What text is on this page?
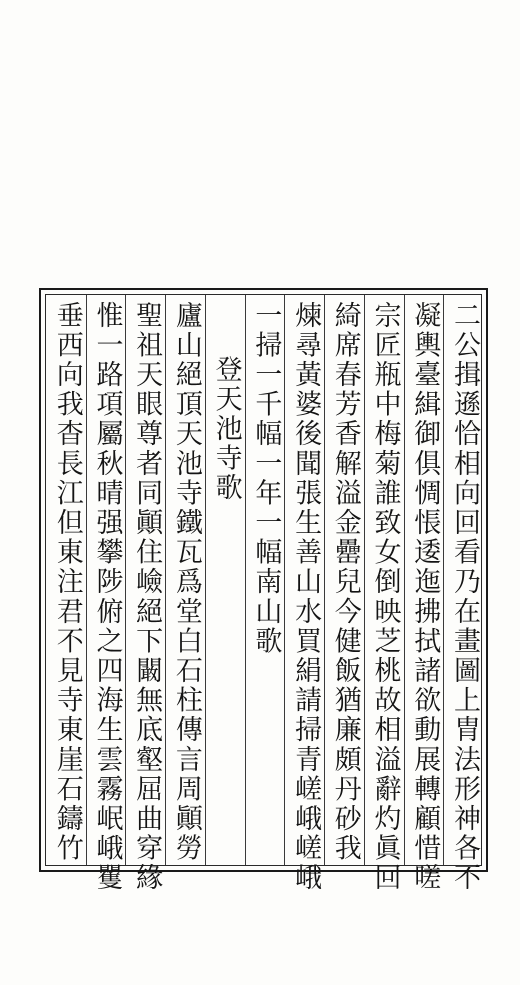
二公揖遜恰相向回看乃在畫圖上胄法形神各不
凝輿臺緝御俱惆悵逶迤拂拭諸欲動展轉顧惜嗟
宗匠瓶中梅菊誰致女倒映芝桃故相溢辭灼眞回
綺席春芳香解溢金罍兒今健飯猶廉頗丹砂我
煉尋黃婆後聞張生善山水買絹請掃青嵯峨嵯峨
一掃一千幅一年一幅南山歌
登天池寺歌
廬山絕頂天池寺鐵瓦爲堂白石柱傳言周顚勞
聖祖天眼尊者同顚住嶮絕下闞無底壑屈曲穿緣
惟一路項屬秋晴强攀陟俯之四海生雲霧岷峨矍
垂西向我杳長江但東注君不見寺東崖石鑄竹
